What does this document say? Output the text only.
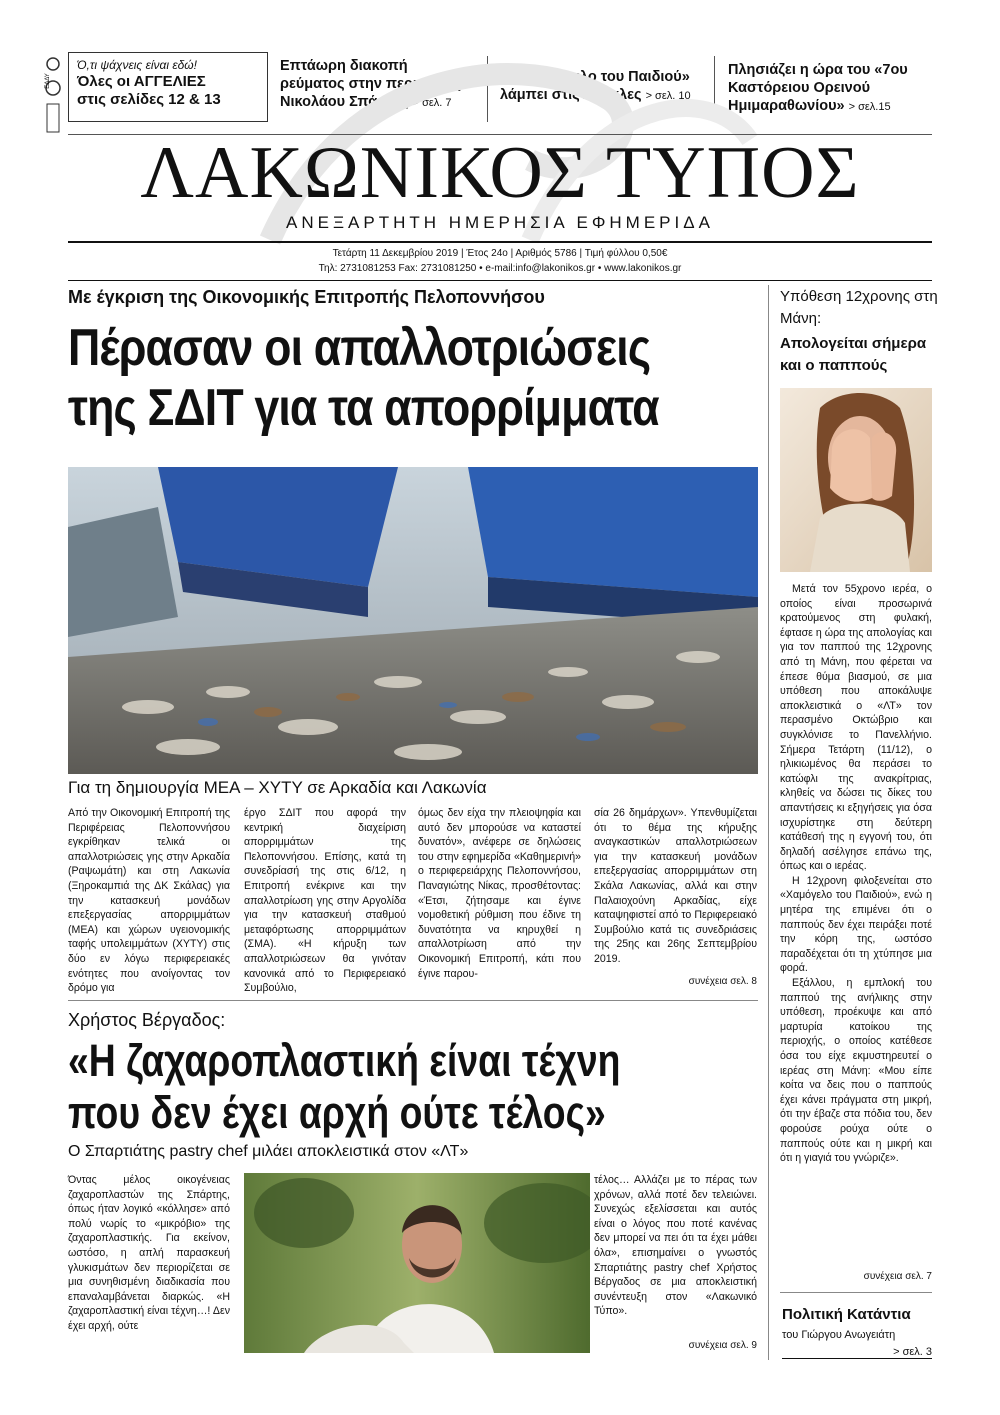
ΕΔΔΥ
Ό,τι ψάχνεις είναι εδώ!
Όλες οι ΑΓΓΕΛΙΕΣ
στις σελίδες 12 & 13
Επτάωρη διακοπή ρεύματος στην περιοχή Αγ. Νικολάου Σπάρτης > σελ. 7
Το «Χαμόγελο του Παιδιού» λάμπει στις Αμύκλες > σελ. 10
Πλησιάζει η ώρα του «7ου Καστόρειου Ορεινού Ημιμαραθωνίου» > σελ.15
ΛΑΚΩΝΙΚΟΣ ΤΥΠΟΣ
ΑΝΕΞΑΡΤΗΤΗ ΗΜΕΡΗΣΙΑ ΕΦΗΜΕΡΙΔΑ
Τετάρτη 11 Δεκεμβρίου 2019 | Έτος 24ο | Αριθμός 5786 | Τιμή φύλλου 0,50€
Τηλ: 2731081253 Fax: 2731081250 • e-mail:info@lakonikos.gr • www.lakonikos.gr
Με έγκριση της Οικονομικής Επιτροπής Πελοποννήσου
Πέρασαν οι απαλλοτριώσεις
της ΣΔΙΤ για τα απορρίμματα
Για τη δημιουργία ΜΕΑ – ΧΥΤΥ σε Αρκαδία και Λακωνία
Από την Οικονομική Επιτροπή της Περιφέρειας Πελοποννήσου εγκρίθηκαν τελικά οι απαλλοτριώσεις γης στην Αρκαδία (Ραψωμάτη) και στη Λακωνία (Ξηροκαμπιά της ΔΚ Σκάλας) για την κατασκευή μονάδων επεξεργασίας απορριμμάτων (ΜΕΑ) και χώρων υγειονομικής ταφής υπολειμμάτων (ΧΥΤΥ) στις δύο εν λόγω περιφερειακές ενότητες που ανοίγοντας τον δρόμο για
έργο ΣΔΙΤ που αφορά την κεντρική διαχείριση απορριμμάτων της Πελοποννήσου. Επίσης, κατά τη συνεδρίασή της στις 6/12, η Επιτροπή ενέκρινε και την απαλλοτρίωση γης στην Αργολίδα για την κατασκευή σταθμού μεταφόρτωσης απορριμμάτων (ΣΜΑ). «Η κήρυξη των απαλλοτριώσεων θα γινόταν κανονικά από το Περιφερειακό Συμβούλιο,
όμως δεν είχα την πλειοψηφία και αυτό δεν μπορούσε να καταστεί δυνατόν», ανέφερε σε δηλώσεις του στην εφημερίδα «Καθημερινή» ο περιφερειάρχης Πελοποννήσου, Παναγιώτης Νίκας, προσθέτοντας: «Έτσι, ζήτησαμε και έγινε νομοθετική ρύθμιση που έδινε τη δυνατότητα να κηρυχθεί η απαλλοτρίωση από την Οικονομική Επιτροπή, κάτι που έγινε παρου-
σία 26 δημάρχων». Υπενθυμίζεται ότι το θέμα της κήρυξης αναγκαστικών απαλλοτριώσεων για την κατασκευή μονάδων επεξεργασίας απορριμμάτων στη Σκάλα Λακωνίας, αλλά και στην Παλαιοχούνη Αρκαδίας, είχε καταψηφιστεί από το Περιφερειακό Συμβούλιο κατά τις συνεδριάσεις της 25ης και 26ης Σεπτεμβρίου 2019.
συνέχεια σελ. 8
Χρήστος Βέργαδος:
«Η ζαχαροπλαστική είναι τέχνη
που δεν έχει αρχή ούτε τέλος»
Ο Σπαρτιάτης pastry chef μιλάει αποκλειστικά στον «ΛΤ»
Όντας μέλος οικογένειας ζαχαροπλαστών της Σπάρτης, όπως ήταν λογικό «κόλλησε» από πολύ νωρίς το «μικρόβιο» της ζαχαροπλαστικής. Για εκείνον, ωστόσο, η απλή παρασκευή γλυκισμάτων δεν περιορίζεται σε μια συνηθισμένη διαδικασία που επαναλαμβάνεται διαρκώς. «Η ζαχαροπλαστική είναι τέχνη…! Δεν έχει αρχή, ούτε
τέλος… Αλλάζει με το πέρας των χρόνων, αλλά ποτέ δεν τελειώνει. Συνεχώς εξελίσσεται και αυτός είναι ο λόγος που ποτέ κανένας δεν μπορεί να πει ότι τα έχει μάθει όλα», επισημαίνει ο γνωστός Σπαρτιάτης pastry chef Χρήστος Βέργαδος σε μια αποκλειστική συνέντευξη στον «Λακωνικό Τύπο».
συνέχεια σελ. 9
Υπόθεση 12χρονης στη Μάνη:
Απολογείται σήμερα και ο παππούς

Μετά τον 55χρονο ιερέα, ο οποίος είναι προσωρινά κρατούμενος στη φυλακή, έφτασε η ώρα της απολογίας και για τον παππού της 12χρονης από τη Μάνη, που φέρεται να έπεσε θύμα βιασμού, σε μια υπόθεση που αποκάλυψε αποκλειστικά ο «ΛΤ» τον περασμένο Οκτώβριο και συγκλόνισε το Πανελλήνιο. Σήμερα Τετάρτη (11/12), ο ηλικιωμένος θα περάσει το κατώφλι της ανακρίτριας, κληθείς να δώσει τις δίκες του απαντήσεις κι εξηγήσεις για όσα ισχυρίστηκε στη δεύτερη κατάθεσή της η εγγονή του, ότι δηλαδή ασέλγησε επάνω της, όπως και ο ιερέας.

Η 12χρονη φιλοξενείται στο «Χαμόγελο του Παιδιού», ενώ η μητέρα της επιμένει ότι ο παππούς δεν έχει πειράξει ποτέ την κόρη της, ωστόσο παραδέχεται ότι τη χτύπησε μια φορά.

Εξάλλου, η εμπλοκή του παππού της ανήλικης στην υπόθεση, προέκυψε και από μαρτυρία κατοίκου της περιοχής, ο οποίος κατέθεσε όσα του είχε εκμυστηρευτεί ο ιερέας στη Μάνη: «Μου είπε κοίτα να δεις που ο παππούς έχει κάνει πράγματα στη μικρή, ότι την έβαζε στα πόδια του, δεν φορούσε ρούχα ούτε ο παππούς ούτε και η μικρή και ότι η γιαγιά του γνώριζε».

συνέχεια σελ. 7
Πολιτική Κατάντια
του Γιώργου Ανωγειάτη
> σελ. 3
